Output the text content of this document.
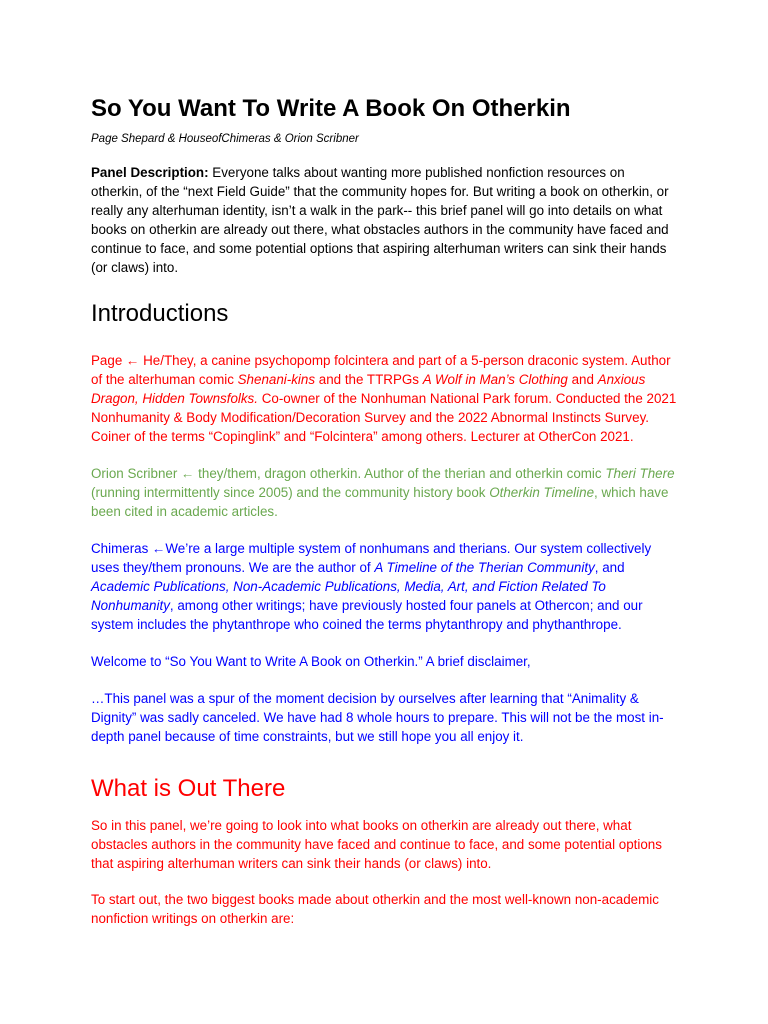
So You Want To Write A Book On Otherkin
Page Shepard & HouseofChimeras & Orion Scribner

Panel Description: Everyone talks about wanting more published nonfiction resources on otherkin, of the “next Field Guide” that the community hopes for. But writing a book on otherkin, or really any alterhuman identity, isn’t a walk in the park-- this brief panel will go into details on what books on otherkin are already out there, what obstacles authors in the community have faced and continue to face, and some potential options that aspiring alterhuman writers can sink their hands (or claws) into.

Introductions

Page ← He/They, a canine psychopomp folcintera and part of a 5-person draconic system. Author of the alterhuman comic Shenani-kins and the TTRPGs A Wolf in Man’s Clothing and Anxious Dragon, Hidden Townsfolks. Co-owner of the Nonhuman National Park forum. Conducted the 2021 Nonhumanity & Body Modification/Decoration Survey and the 2022 Abnormal Instincts Survey. Coiner of the terms “Copinglink” and “Folcintera” among others. Lecturer at OtherCon 2021.

Orion Scribner ← they/them, dragon otherkin. Author of the therian and otherkin comic Theri There (running intermittently since 2005) and the community history book Otherkin Timeline, which have been cited in academic articles.

Chimeras ←We’re a large multiple system of nonhumans and therians. Our system collectively uses they/them pronouns. We are the author of A Timeline of the Therian Community, and Academic Publications, Non-Academic Publications, Media, Art, and Fiction Related To Nonhumanity, among other writings; have previously hosted four panels at Othercon; and our system includes the phytanthrope who coined the terms phytanthropy and phythanthrope.

Welcome to “So You Want to Write A Book on Otherkin.” A brief disclaimer,

…This panel was a spur of the moment decision by ourselves after learning that “Animality & Dignity” was sadly canceled. We have had 8 whole hours to prepare. This will not be the most in-depth panel because of time constraints, but we still hope you all enjoy it.

What is Out There

So in this panel, we’re going to look into what books on otherkin are already out there, what obstacles authors in the community have faced and continue to face, and some potential options that aspiring alterhuman writers can sink their hands (or claws) into.

To start out, the two biggest books made about otherkin and the most well-known non-academic nonfiction writings on otherkin are:
